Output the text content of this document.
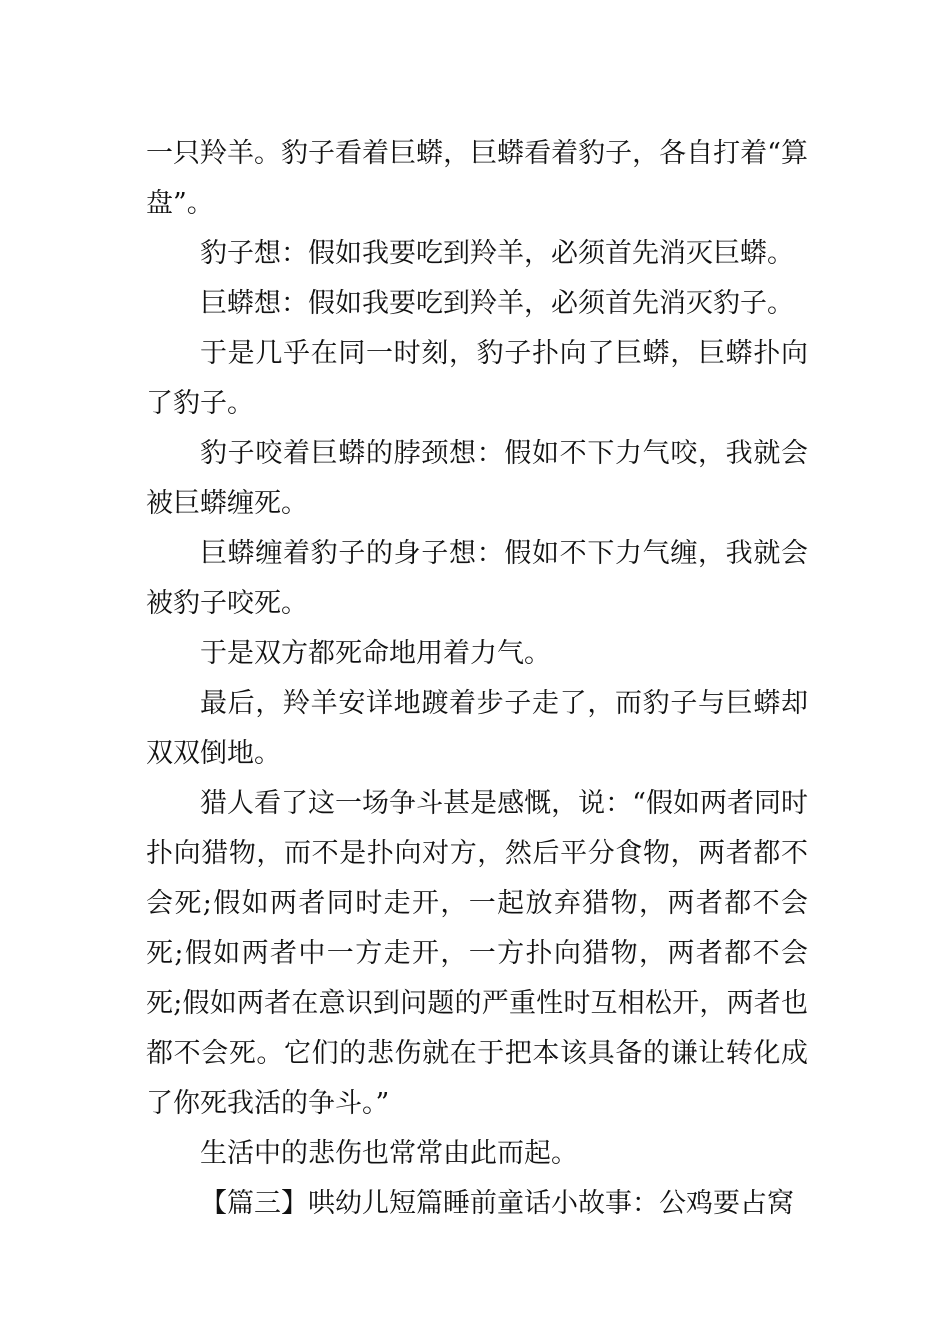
一只羚羊。豹子看着巨蟒，巨蟒看着豹子，各自打着“算盘”。

豹子想：假如我要吃到羚羊，必须首先消灭巨蟒。

巨蟒想：假如我要吃到羚羊，必须首先消灭豹子。

于是几乎在同一时刻，豹子扑向了巨蟒，巨蟒扑向了豹子。

豹子咬着巨蟒的脖颈想：假如不下力气咬，我就会被巨蟒缠死。

巨蟒缠着豹子的身子想：假如不下力气缠，我就会被豹子咬死。

于是双方都死命地用着力气。

最后，羚羊安详地踱着步子走了，而豹子与巨蟒却双双倒地。

猎人看了这一场争斗甚是感慨，说：“假如两者同时扑向猎物，而不是扑向对方，然后平分食物，两者都不会死;假如两者同时走开，一起放弃猎物，两者都不会死;假如两者中一方走开，一方扑向猎物，两者都不会死;假如两者在意识到问题的严重性时互相松开，两者也都不会死。它们的悲伤就在于把本该具备的谦让转化成了你死我活的争斗。”

生活中的悲伤也常常由此而起。

【篇三】哄幼儿短篇睡前童话小故事：公鸡要占窝
